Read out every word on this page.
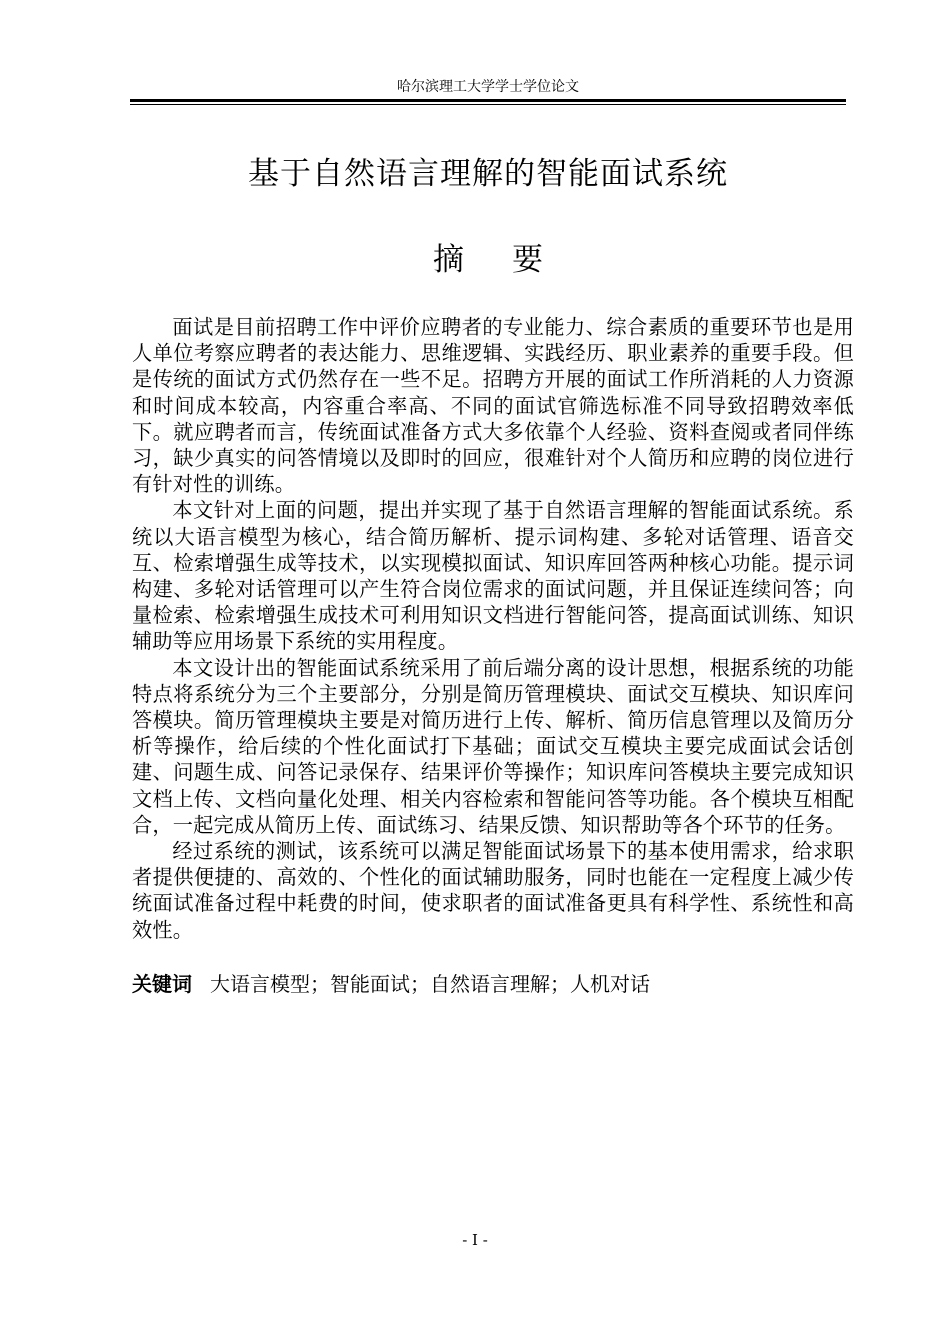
哈尔滨理工大学学士学位论文
基于自然语言理解的智能面试系统
摘 要

面试是目前招聘工作中评价应聘者的专业能力、综合素质的重要环节也是用人单位考察应聘者的表达能力、思维逻辑、实践经历、职业素养的重要手段。但是传统的面试方式仍然存在一些不足。招聘方开展的面试工作所消耗的人力资源和时间成本较高，内容重合率高、不同的面试官筛选标准不同导致招聘效率低下。就应聘者而言，传统面试准备方式大多依靠个人经验、资料查阅或者同伴练习，缺少真实的问答情境以及即时的回应，很难针对个人简历和应聘的岗位进行有针对性的训练。

本文针对上面的问题，提出并实现了基于自然语言理解的智能面试系统。系统以大语言模型为核心，结合简历解析、提示词构建、多轮对话管理、语音交互、检索增强生成等技术，以实现模拟面试、知识库回答两种核心功能。提示词构建、多轮对话管理可以产生符合岗位需求的面试问题，并且保证连续问答；向量检索、检索增强生成技术可利用知识文档进行智能问答，提高面试训练、知识辅助等应用场景下系统的实用程度。

本文设计出的智能面试系统采用了前后端分离的设计思想，根据系统的功能特点将系统分为三个主要部分，分别是简历管理模块、面试交互模块、知识库问答模块。简历管理模块主要是对简历进行上传、解析、简历信息管理以及简历分析等操作，给后续的个性化面试打下基础；面试交互模块主要完成面试会话创建、问题生成、问答记录保存、结果评价等操作；知识库问答模块主要完成知识文档上传、文档向量化处理、相关内容检索和智能问答等功能。各个模块互相配合，一起完成从简历上传、面试练习、结果反馈、知识帮助等各个环节的任务。

经过系统的测试，该系统可以满足智能面试场景下的基本使用需求，给求职者提供便捷的、高效的、个性化的面试辅助服务，同时也能在一定程度上减少传统面试准备过程中耗费的时间，使求职者的面试准备更具有科学性、系统性和高效性。

关键词 大语言模型；智能面试；自然语言理解；人机对话
- I -
